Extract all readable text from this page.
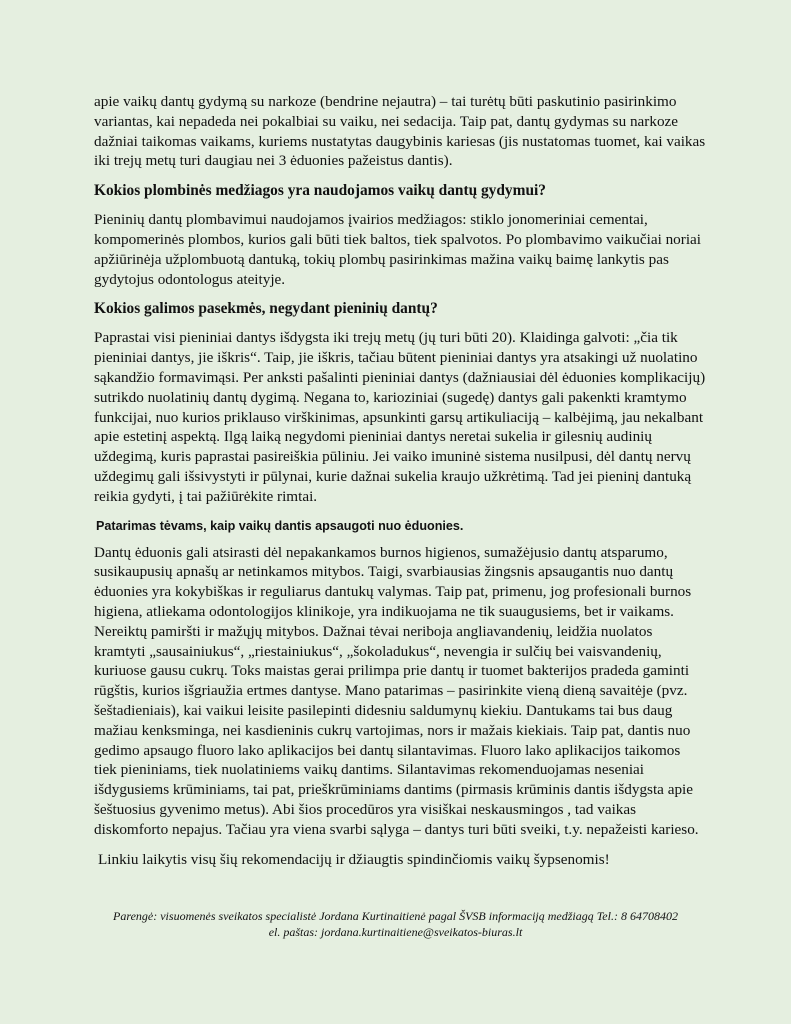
apie vaikų dantų gydymą su narkoze (bendrine nejautra) – tai turėtų būti paskutinio pasirinkimo variantas, kai nepadeda nei pokalbiai su vaiku, nei sedacija. Taip pat, dantų gydymas su narkoze dažniai taikomas vaikams, kuriems nustatytas daugybinis kariesas (jis nustatomas tuomet, kai vaikas iki trejų metų turi daugiau nei 3 ėduonies pažeistus dantis).

Kokios plombinės medžiagos yra naudojamos vaikų dantų gydymui?

Pieninių dantų plombavimui naudojamos įvairios medžiagos: stiklo jonomeriniai cementai, kompomerinės plombos, kurios gali būti tiek baltos, tiek spalvotos. Po plombavimo vaikučiai noriai apžiūrinėja užplombuotą dantuką, tokių plombų pasirinkimas mažina vaikų baimę lankytis pas gydytojus odontologus ateityje.

Kokios galimos pasekmės, negydant pieninių dantų?

Paprastai visi pieniniai dantys išdygsta iki trejų metų (jų turi būti 20). Klaidinga galvoti: „čia tik pieniniai dantys, jie iškris“. Taip, jie iškris, tačiau būtent pieniniai dantys yra atsakingi už nuolatino sąkandžio formavimąsi. Per anksti pašalinti pieniniai dantys (dažniausiai dėl ėduonies komplikacijų) sutrikdo nuolatinių dantų dygimą. Negana to, karioziniai (sugedę) dantys gali pakenkti kramtymo funkcijai, nuo kurios priklauso virškinimas, apsunkinti garsų artikuliaciją – kalbėjimą, jau nekalbant apie estetinį aspektą. Ilgą laiką negydomi pieniniai dantys neretai sukelia ir gilesnių audinių uždegimą, kuris paprastai pasireiškia pūliniu. Jei vaiko imuninė sistema nusilpusi, dėl dantų nervų uždegimų gali išsivystyti ir pūlynai, kurie dažnai sukelia kraujo užkrėtimą. Tad jei pieninį dantuką reikia gydyti, į tai pažiūrėkite rimtai.

Patarimas tėvams, kaip vaikų dantis apsaugoti nuo ėduonies.

Dantų ėduonis gali atsirasti dėl nepakankamos burnos higienos, sumažėjusio dantų atsparumo, susikaupusių apnašų ar netinkamos mitybos. Taigi, svarbiausias žingsnis apsaugantis nuo dantų ėduonies yra kokybiškas ir reguliarus dantukų valymas. Taip pat, primenu, jog profesionali burnos higiena, atliekama odontologijos klinikoje, yra indikuojama ne tik suaugusiems, bet ir vaikams. Nereiktų pamiršti ir mažųjų mitybos. Dažnai tėvai neriboja angliavandenių, leidžia nuolatos kramtyti „sausainiukus“, „riestainiukus“, „šokoladukus“, nevengia ir sulčių bei vaisvandenių, kuriuose gausu cukrų. Toks maistas gerai prilimpa prie dantų ir tuomet bakterijos pradeda gaminti rūgštis, kurios išgriaužia ertmes dantyse. Mano patarimas – pasirinkite vieną dieną savaitėje (pvz. šeštadieniais), kai vaikui leisite pasilepinti didesniu saldumynų kiekiu. Dantukams tai bus daug mažiau kenksminga, nei kasdieninis cukrų vartojimas, nors ir mažais kiekiais. Taip pat, dantis nuo gedimo apsaugo fluoro lako aplikacijos bei dantų silantavimas. Fluoro lako aplikacijos taikomos tiek pieniniams, tiek nuolatiniems vaikų dantims. Silantavimas rekomenduojamas neseniai išdygusiems krūminiams, tai pat, prieškrūminiams dantims (pirmasis krūminis dantis išdygsta apie šeštuosius gyvenimo metus). Abi šios procedūros yra visiškai neskausmingos , tad vaikas diskomforto nepajus. Tačiau yra viena svarbi sąlyga – dantys turi būti sveiki, t.y. nepažeisti karieso.

Linkiu laikytis visų šių rekomendacijų ir džiaugtis spindinčiomis vaikų šypsenomis!

Parengė: visuomenės sveikatos specialistė Jordana Kurtinaitienė pagal ŠVSB informaciją medžiagą Tel.: 8 64708402
el. paštas: jordana.kurtinaitiene@sveikatos-biuras.lt
